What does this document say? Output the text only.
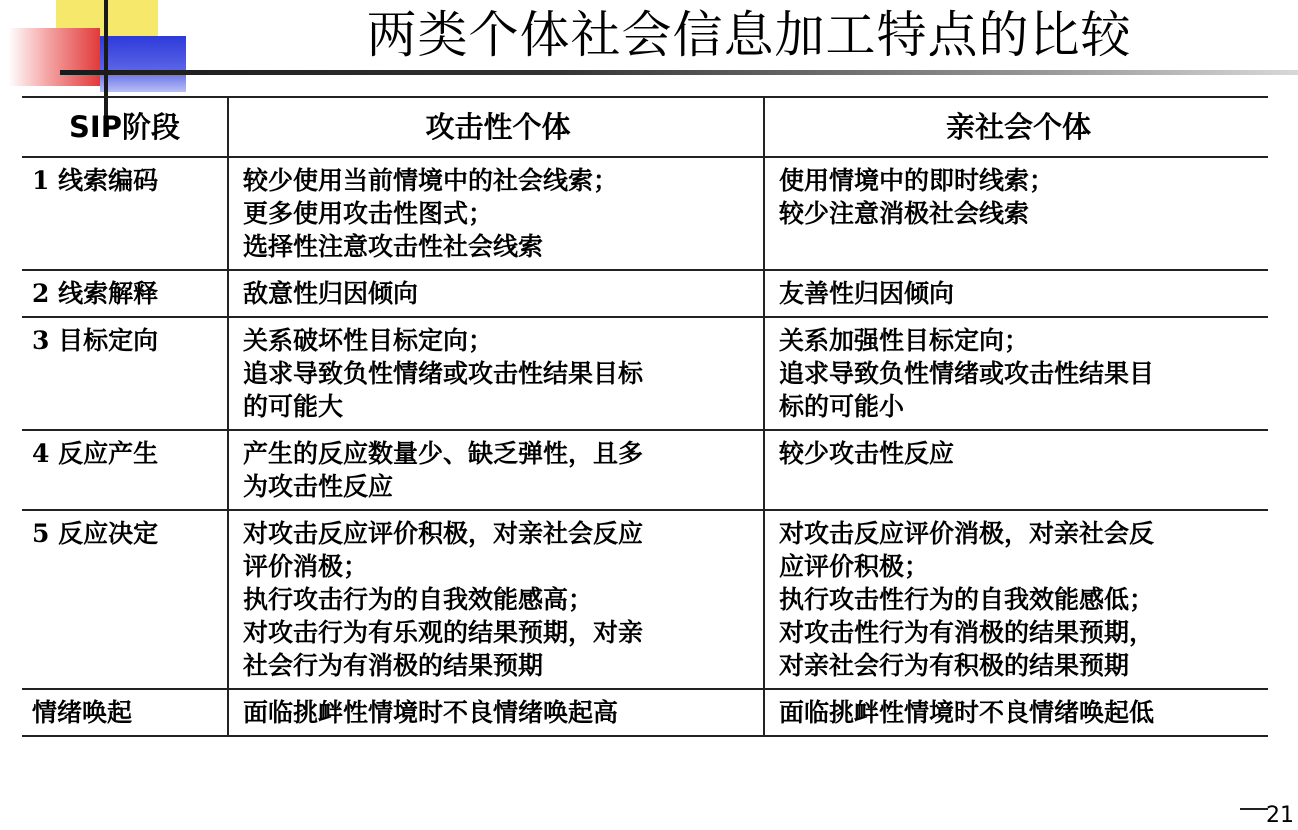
两类个体社会信息加工特点的比较
SIP阶段	攻击性个体	亲社会个体
1 线索编码	较少使用当前情境中的社会线索；
更多使用攻击性图式；
选择性注意攻击性社会线索	使用情境中的即时线索；
较少注意消极社会线索

2 线索解释	敌意性归因倾向	友善性归因倾向

3 目标定向	关系破坏性目标定向；
追求导致负性情绪或攻击性结果目标
的可能大	关系加强性目标定向；
追求导致负性情绪或攻击性结果目
标的可能小

4 反应产生	产生的反应数量少、缺乏弹性，且多
为攻击性反应	较少攻击性反应

5 反应决定	对攻击反应评价积极，对亲社会反应
评价消极；
执行攻击行为的自我效能感高；
对攻击行为有乐观的结果预期，对亲
社会行为有消极的结果预期	对攻击反应评价消极，对亲社会反
应评价积极；
执行攻击性行为的自我效能感低；
对攻击性行为有消极的结果预期，
对亲社会行为有积极的结果预期

情绪唤起	面临挑衅性情境时不良情绪唤起高	面临挑衅性情境时不良情绪唤起低
21
